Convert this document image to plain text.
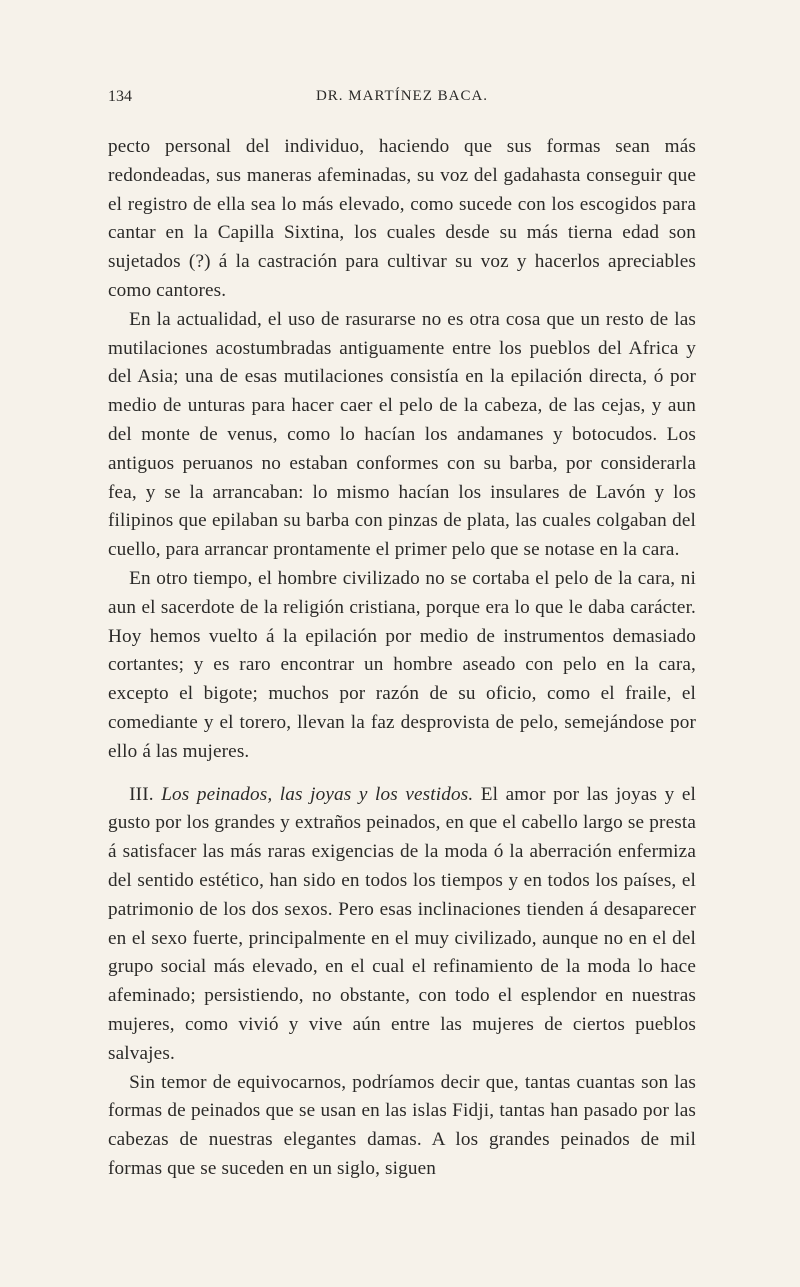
134	DR. MARTÍNEZ BACA.

pecto personal del individuo, haciendo que sus formas sean más redondeadas, sus maneras afeminadas, su voz del gadahasta conseguir que el registro de ella sea lo más elevado, como sucede con los escogidos para cantar en la Capilla Sixtina, los cuales desde su más tierna edad son sujetados (?) á la castración para cultivar su voz y hacerlos apreciables como cantores.

En la actualidad, el uso de rasurarse no es otra cosa que un resto de las mutilaciones acostumbradas antiguamente entre los pueblos del Africa y del Asia; una de esas mutilaciones consistía en la epilación directa, ó por medio de unturas para hacer caer el pelo de la cabeza, de las cejas, y aun del monte de venus, como lo hacían los andamanes y botocudos. Los antiguos peruanos no estaban conformes con su barba, por considerarla fea, y se la arrancaban: lo mismo hacían los insulares de Lavón y los filipinos que epilaban su barba con pinzas de plata, las cuales colgaban del cuello, para arrancar prontamente el primer pelo que se notase en la cara.

En otro tiempo, el hombre civilizado no se cortaba el pelo de la cara, ni aun el sacerdote de la religión cristiana, porque era lo que le daba carácter. Hoy hemos vuelto á la epilación por medio de instrumentos demasiado cortantes; y es raro encontrar un hombre aseado con pelo en la cara, excepto el bigote; muchos por razón de su oficio, como el fraile, el comediante y el torero, llevan la faz desprovista de pelo, semejándose por ello á las mujeres.

III. Los peinados, las joyas y los vestidos. El amor por las joyas y el gusto por los grandes y extraños peinados, en que el cabello largo se presta á satisfacer las más raras exigencias de la moda ó la aberración enfermiza del sentido estético, han sido en todos los tiempos y en todos los países, el patrimonio de los dos sexos. Pero esas inclinaciones tienden á desaparecer en el sexo fuerte, principalmente en el muy civilizado, aunque no en el del grupo social más elevado, en el cual el refinamiento de la moda lo hace afeminado; persistiendo, no obstante, con todo el esplendor en nuestras mujeres, como vivió y vive aún entre las mujeres de ciertos pueblos salvajes.

Sin temor de equivocarnos, podríamos decir que, tantas cuantas son las formas de peinados que se usan en las islas Fidji, tantas han pasado por las cabezas de nuestras elegantes damas. A los grandes peinados de mil formas que se suceden en un siglo, siguen
